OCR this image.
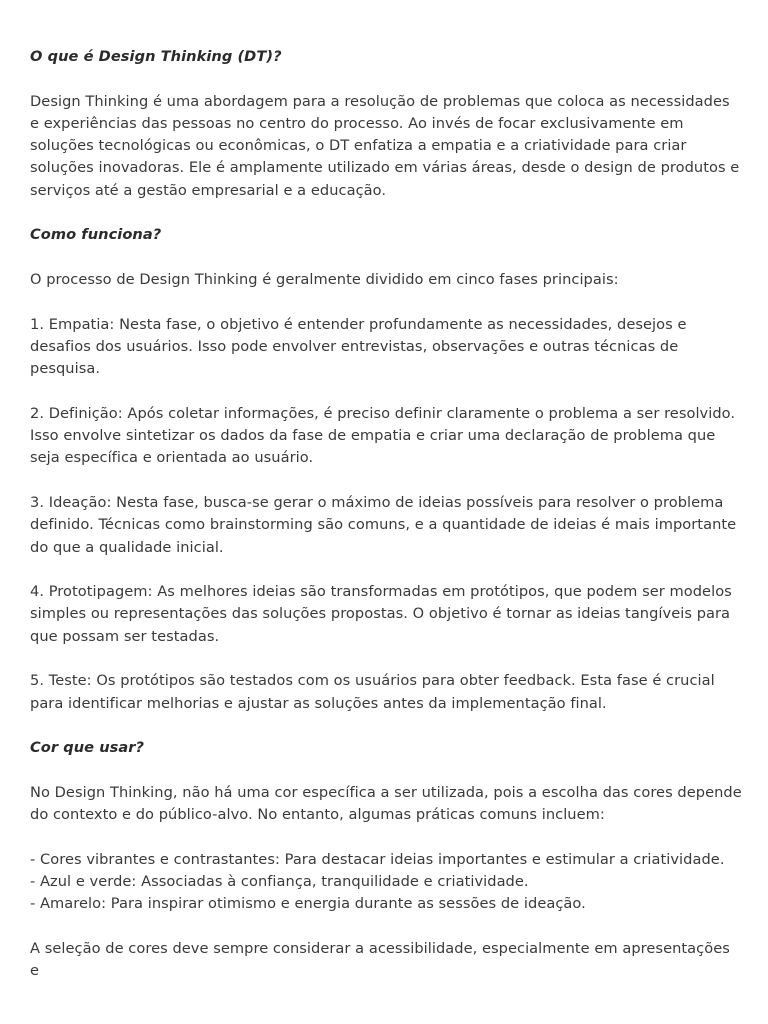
O que é Design Thinking (DT)?

Design Thinking é uma abordagem para a resolução de problemas que coloca as necessidades e experiências das pessoas no centro do processo. Ao invés de focar exclusivamente em soluções tecnológicas ou econômicas, o DT enfatiza a empatia e a criatividade para criar soluções inovadoras. Ele é amplamente utilizado em várias áreas, desde o design de produtos e serviços até a gestão empresarial e a educação.

Como funciona?

O processo de Design Thinking é geralmente dividido em cinco fases principais:

1. Empatia: Nesta fase, o objetivo é entender profundamente as necessidades, desejos e desafios dos usuários. Isso pode envolver entrevistas, observações e outras técnicas de pesquisa.

2. Definição: Após coletar informações, é preciso definir claramente o problema a ser resolvido. Isso envolve sintetizar os dados da fase de empatia e criar uma declaração de problema que seja específica e orientada ao usuário.

3. Ideação: Nesta fase, busca-se gerar o máximo de ideias possíveis para resolver o problema definido. Técnicas como brainstorming são comuns, e a quantidade de ideias é mais importante do que a qualidade inicial.

4. Prototipagem: As melhores ideias são transformadas em protótipos, que podem ser modelos simples ou representações das soluções propostas. O objetivo é tornar as ideias tangíveis para que possam ser testadas.

5. Teste: Os protótipos são testados com os usuários para obter feedback. Esta fase é crucial para identificar melhorias e ajustar as soluções antes da implementação final.

Cor que usar?

No Design Thinking, não há uma cor específica a ser utilizada, pois a escolha das cores depende do contexto e do público-alvo. No entanto, algumas práticas comuns incluem:

- Cores vibrantes e contrastantes: Para destacar ideias importantes e estimular a criatividade.
- Azul e verde: Associadas à confiança, tranquilidade e criatividade.
- Amarelo: Para inspirar otimismo e energia durante as sessões de ideação.

A seleção de cores deve sempre considerar a acessibilidade, especialmente em apresentações e
